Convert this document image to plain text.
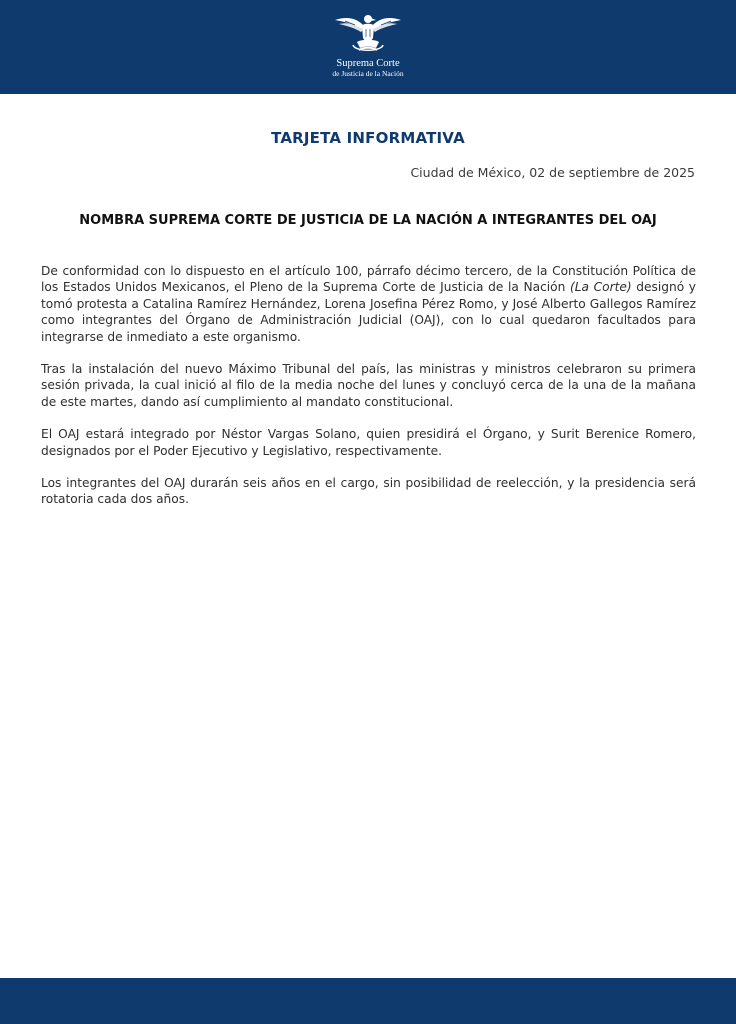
Suprema Corte
de Justicia de la Nación
TARJETA INFORMATIVA
Ciudad de México, 02 de septiembre de 2025
NOMBRA SUPREMA CORTE DE JUSTICIA DE LA NACIÓN A INTEGRANTES DEL OAJ

De conformidad con lo dispuesto en el artículo 100, párrafo décimo tercero, de la Constitución Política de los Estados Unidos Mexicanos, el Pleno de la Suprema Corte de Justicia de la Nación (La Corte) designó y tomó protesta a Catalina Ramírez Hernández, Lorena Josefina Pérez Romo, y José Alberto Gallegos Ramírez como integrantes del Órgano de Administración Judicial (OAJ), con lo cual quedaron facultados para integrarse de inmediato a este organismo.

Tras la instalación del nuevo Máximo Tribunal del país, las ministras y ministros celebraron su primera sesión privada, la cual inició al filo de la media noche del lunes y concluyó cerca de la una de la mañana de este martes, dando así cumplimiento al mandato constitucional.

El OAJ estará integrado por Néstor Vargas Solano, quien presidirá el Órgano, y Surit Berenice Romero, designados por el Poder Ejecutivo y Legislativo, respectivamente.

Los integrantes del OAJ durarán seis años en el cargo, sin posibilidad de reelección, y la presidencia será rotatoria cada dos años.
